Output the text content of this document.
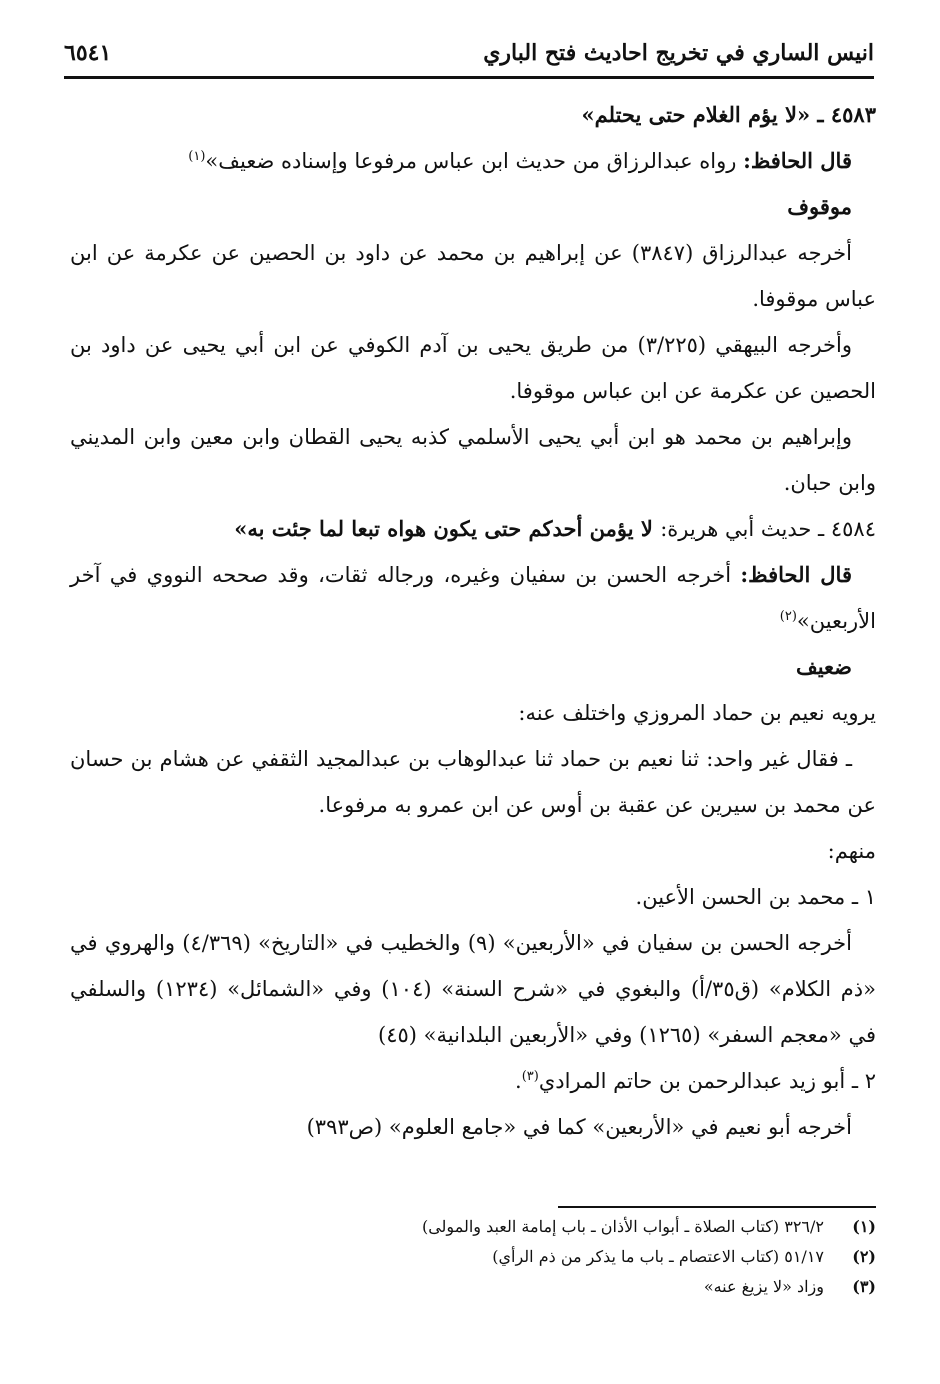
انيس الساري في تخريج احاديث فتح الباري
٦٥٤١

٤٥٨٣ ـ «لا يؤم الغلام حتى يحتلم»

قال الحافظ: رواه عبدالرزاق من حديث ابن عباس مرفوعا وإسناده ضعيف»$^{(١)}$

موقوف

أخرجه عبدالرزاق (٣٨٤٧) عن إبراهيم بن محمد عن داود بن الحصين عن عكرمة عن ابن عباس موقوفا.

وأخرجه البيهقي (٣/٢٢٥) من طريق يحيى بن آدم الكوفي عن ابن أبي يحيى عن داود بن الحصين عن عكرمة عن ابن عباس موقوفا.

وإبراهيم بن محمد هو ابن أبي يحيى الأسلمي كذبه يحيى القطان وابن معين وابن المديني وابن حبان.

٤٥٨٤ ـ حديث أبي هريرة: لا يؤمن أحدكم حتى يكون هواه تبعا لما جئت به»

قال الحافظ: أخرجه الحسن بن سفيان وغيره، ورجاله ثقات، وقد صححه النووي في آخر الأربعين»$^{(٢)}$

ضعيف

يرويه نعيم بن حماد المروزي واختلف عنه:

ـ فقال غير واحد: ثنا نعيم بن حماد ثنا عبدالوهاب بن عبدالمجيد الثقفي عن هشام بن حسان عن محمد بن سيرين عن عقبة بن أوس عن ابن عمرو به مرفوعا.

منهم:

١ ـ محمد بن الحسن الأعين.

أخرجه الحسن بن سفيان في «الأربعين» (٩) والخطيب في «التاريخ» (٤/٣٦٩) والهروي في «ذم الكلام» (ق٣٥/أ) والبغوي في «شرح السنة» (١٠٤) وفي «الشمائل» (١٢٣٤) والسلفي في «معجم السفر» (١٢٦٥) وفي «الأربعين البلدانية» (٤٥)

٢ ـ أبو زيد عبدالرحمن بن حاتم المرادي$^{(٣)}$.

أخرجه أبو نعيم في «الأربعين» كما في «جامع العلوم» (ص٣٩٣)

(١)
٣٢٦/٢ (كتاب الصلاة ـ أبواب الأذان ـ باب إمامة العبد والمولى)
(٢)
٥١/١٧ (كتاب الاعتصام ـ باب ما يذكر من ذم الرأي)
(٣)
وزاد «لا يزيغ عنه»
